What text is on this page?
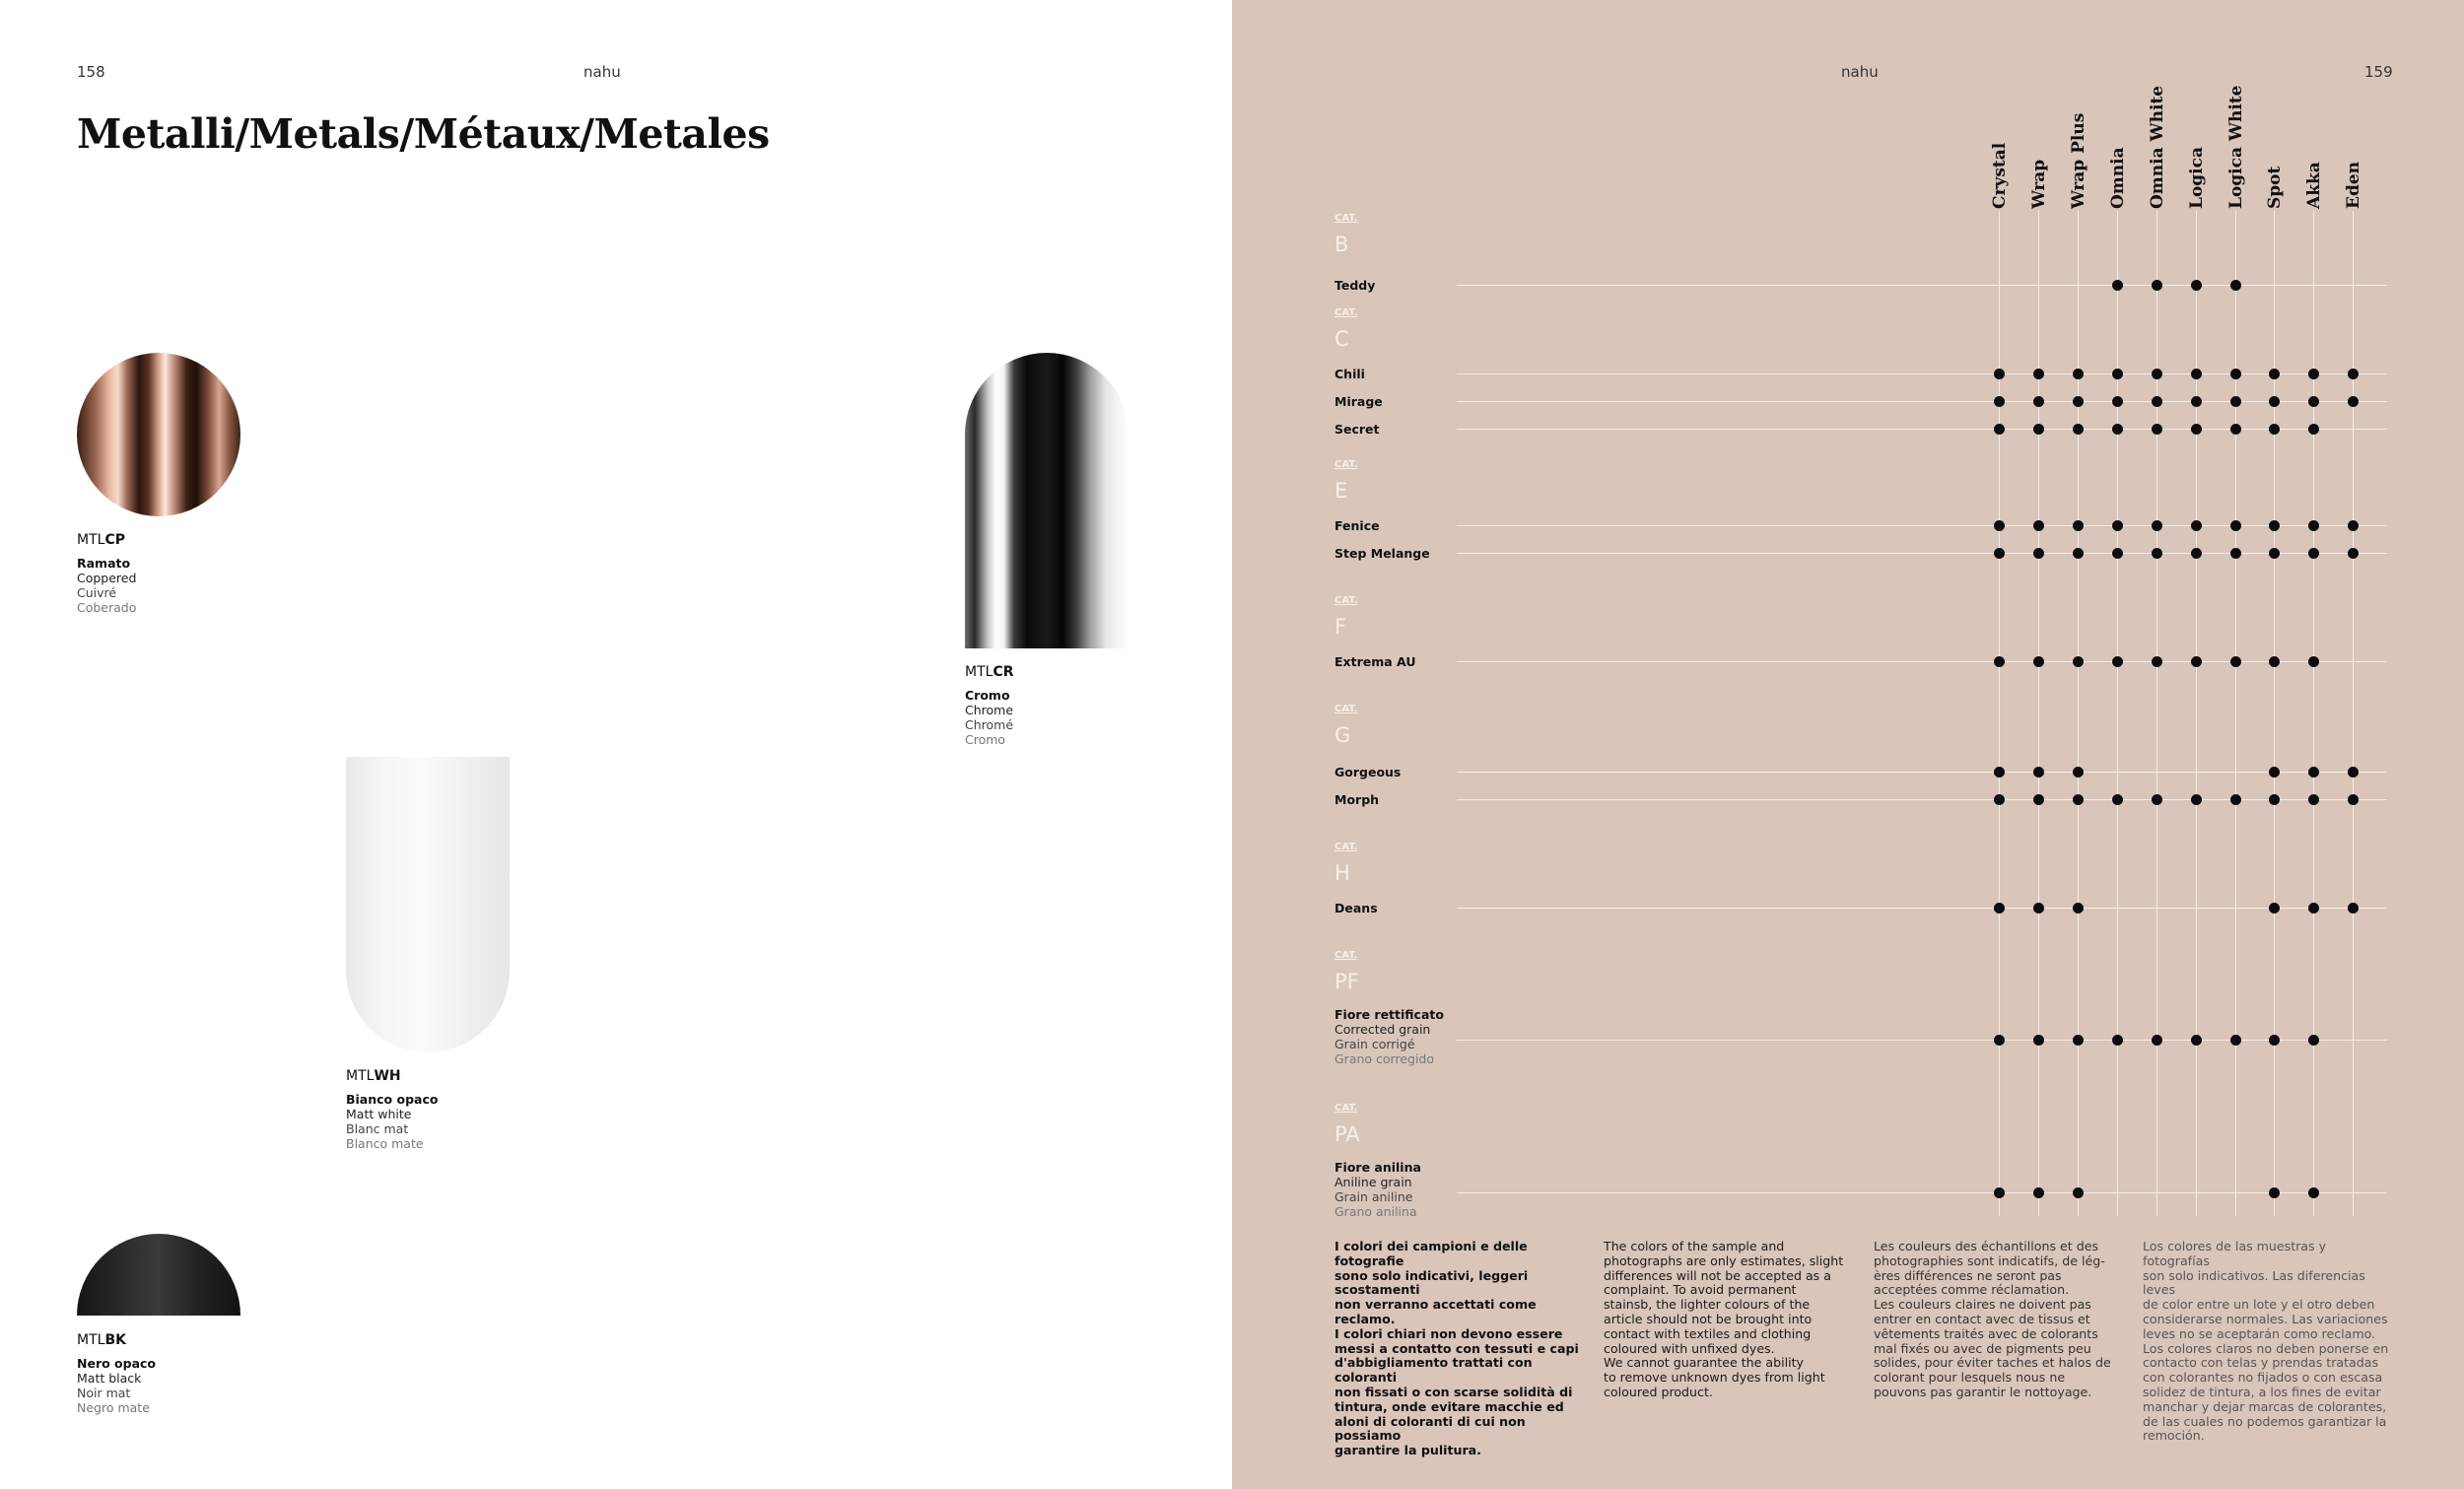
158	nahu
Metalli/Metals/Métaux/Metales
MTLCP
Ramato
Coppered
Cuivré
Coberado
MTLCR
Cromo
Chrome
Chromé
Cromo
MTLWH
Bianco opaco
Matt white
Blanc mat
Blanco mate
MTLBK
Nero opaco
Matt black
Noir mat
Negro mate
nahu	159
Crystal Wrap Wrap Plus Omnia Omnia White Logica Logica White Spot Akka Eden
CAT.
B
Teddy
CAT.
C
Chili
Mirage
Secret
CAT.
E
Fenice
Step Melange
CAT.
F
Extrema AU
CAT.
G
Gorgeous
Morph
CAT.
H
Deans
CAT.
PF
Fiore rettificato
Corrected grain
Grain corrigé
Grano corregido
CAT.
PA
Fiore anilina
Aniline grain
Grain aniline
Grano anilina
I colori dei campioni e delle fotografie
sono solo indicativi, leggeri scostamenti
non verranno accettati come reclamo.
I colori chiari non devono essere
messi a contatto con tessuti e capi
d'abbigliamento trattati con coloranti
non fissati o con scarse solidità di
tintura, onde evitare macchie ed
aloni di coloranti di cui non possiamo
garantire la pulitura.
The colors of the sample and
photographs are only estimates, slight
differences will not be accepted as a
complaint. To avoid permanent
stainsb, the lighter colours of the
article should not be brought into
contact with textiles and clothing
coloured with unfixed dyes.
We cannot guarantee the ability
to remove unknown dyes from light
coloured product.
Les couleurs des échantillons et des
photographies sont indicatifs, de lég-
ères différences ne seront pas
acceptées comme réclamation.
Les couleurs claires ne doivent pas
entrer en contact avec de tissus et
vêtements traités avec de colorants
mal fixés ou avec de pigments peu
solides, pour éviter taches et halos de
colorant pour lesquels nous ne
pouvons pas garantir le nottoyage.
Los colores de las muestras y fotografías
son solo indicativos. Las diferencias leves
de color entre un lote y el otro deben
considerarse normales. Las variaciones
leves no se aceptarán como reclamo.
Los colores claros no deben ponerse en
contacto con telas y prendas tratadas
con colorantes no fijados o con escasa
solidez de tintura, a los fines de evitar
manchar y dejar marcas de colorantes,
de las cuales no podemos garantizar la
remoción.
